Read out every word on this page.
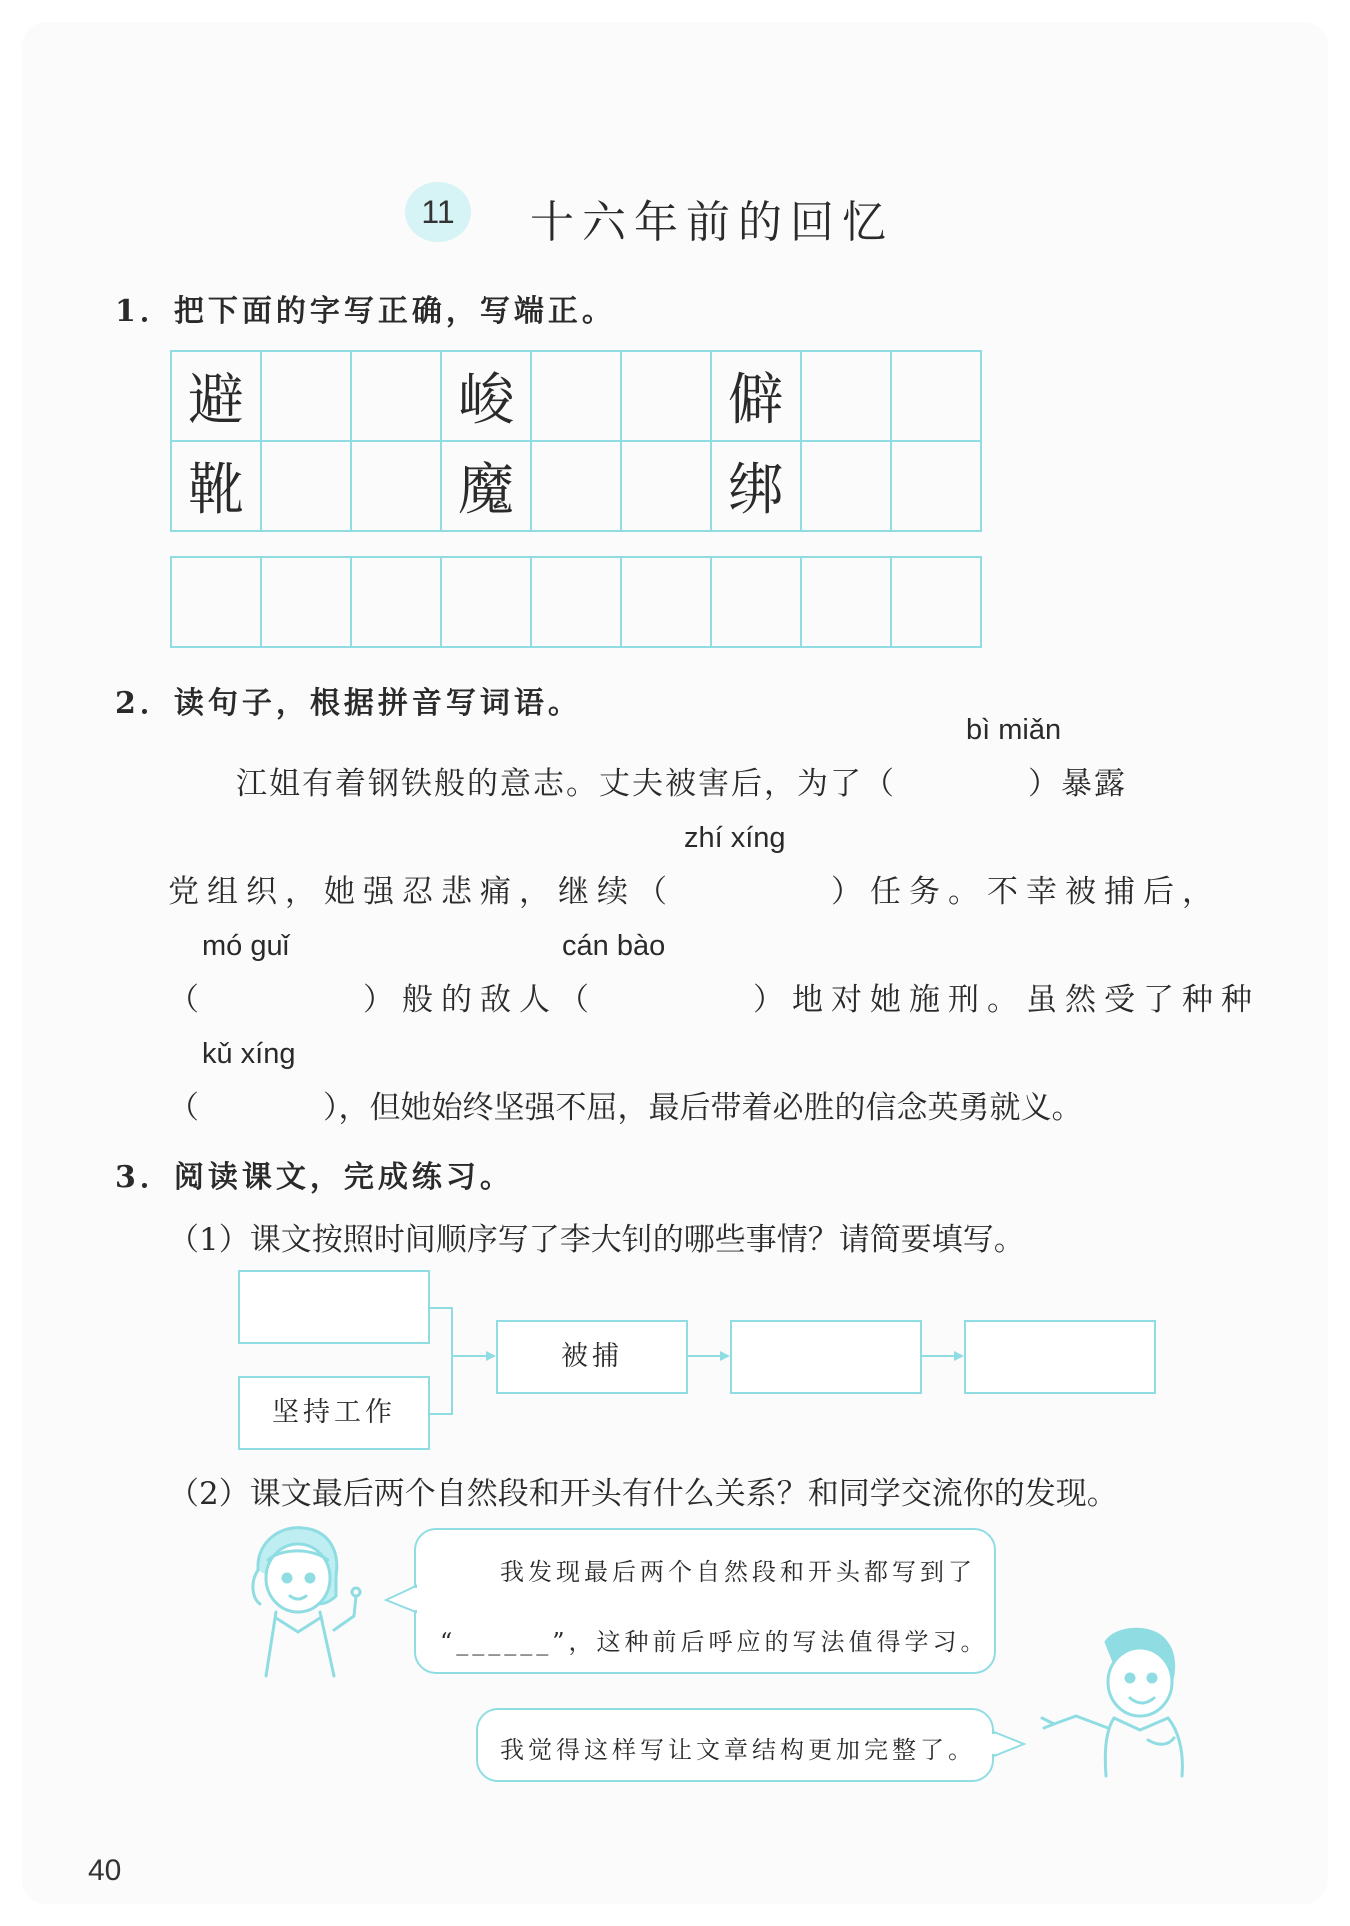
11	十六年前的回忆
1．把下面的字写正确，写端正。
避			峻			僻		
靴			魔			绑		

2．读句子，根据拼音写词语。
bì miǎn
江姐有着钢铁般的意志。丈夫被害后，为了（　　　　）暴露
zhí xíng
党组织，她强忍悲痛，继续（　　　　）任务。不幸被捕后，
mó guǐ	cán bào
（　　　　）般的敌人（　　　　）地对她施刑。虽然受了种种
kǔ xíng
（　　　　），但她始终坚强不屈，最后带着必胜的信念英勇就义。
3．阅读课文，完成练习。
（1）课文按照时间顺序写了李大钊的哪些事情？请简要填写。
坚持工作
被捕
（2）课文最后两个自然段和开头有什么关系？和同学交流你的发现。
我发现最后两个自然段和开头都写到了
“______”，这种前后呼应的写法值得学习。
我觉得这样写让文章结构更加完整了。
40
